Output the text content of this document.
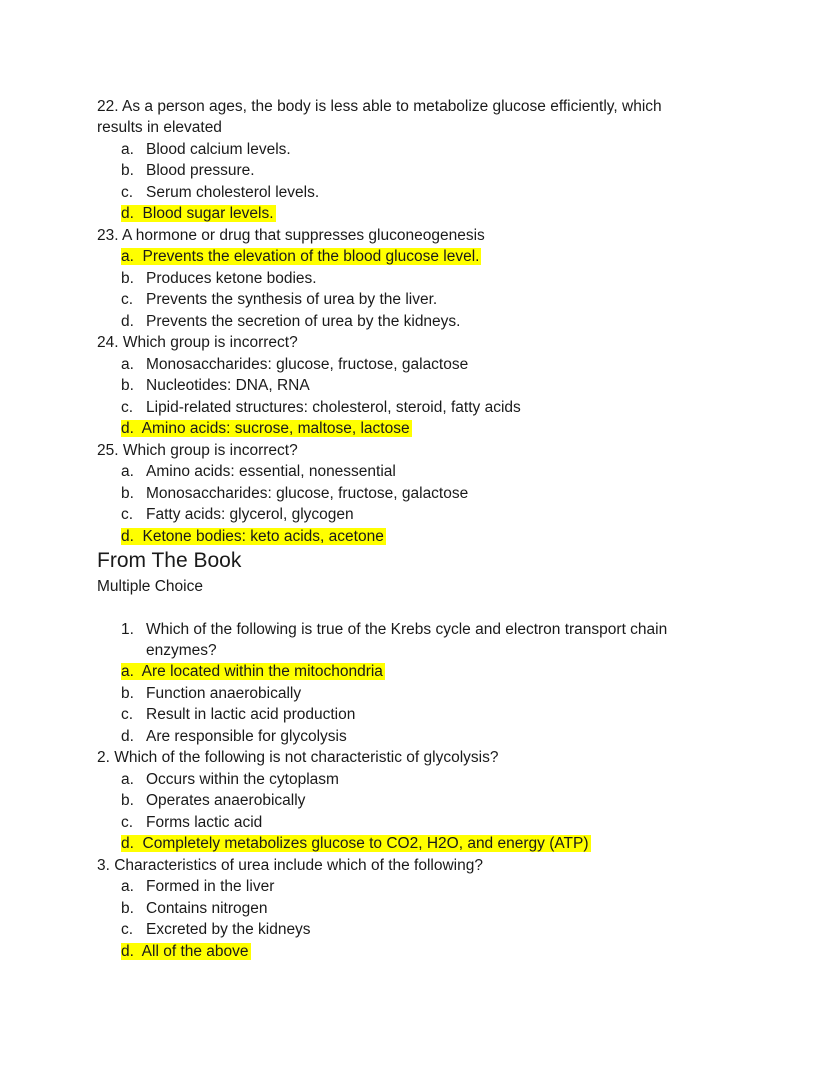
22. As a person ages, the body is less able to metabolize glucose efficiently, which
results in elevated
a. Blood calcium levels.
b. Blood pressure.
c. Serum cholesterol levels.
d.  Blood sugar levels.
23. A hormone or drug that suppresses gluconeogenesis
a.  Prevents the elevation of the blood glucose level.
b. Produces ketone bodies.
c. Prevents the synthesis of urea by the liver.
d. Prevents the secretion of urea by the kidneys.
24. Which group is incorrect?
a. Monosaccharides: glucose, fructose, galactose
b. Nucleotides: DNA, RNA
c. Lipid-related structures: cholesterol, steroid, fatty acids
d.  Amino acids: sucrose, maltose, lactose
25. Which group is incorrect?
a. Amino acids: essential, nonessential
b. Monosaccharides: glucose, fructose, galactose
c. Fatty acids: glycerol, glycogen
d.  Ketone bodies: keto acids, acetone
From The Book
Multiple Choice
1. Which of the following is true of the Krebs cycle and electron transport chain
enzymes?
a.  Are located within the mitochondria
b. Function anaerobically
c. Result in lactic acid production
d. Are responsible for glycolysis
2. Which of the following is not characteristic of glycolysis?
a. Occurs within the cytoplasm
b. Operates anaerobically
c. Forms lactic acid
d.  Completely metabolizes glucose to CO2, H2O, and energy (ATP)
3. Characteristics of urea include which of the following?
a. Formed in the liver
b. Contains nitrogen
c. Excreted by the kidneys
d.  All of the above
